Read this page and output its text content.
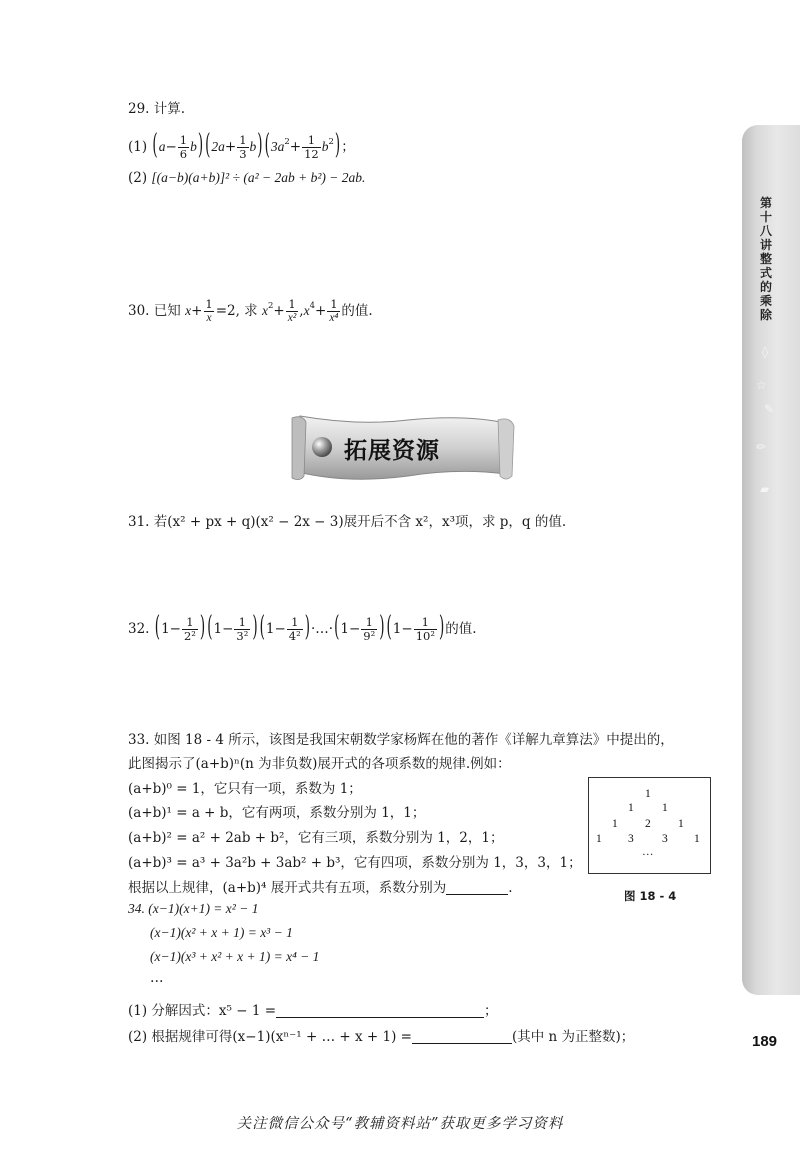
第十八讲 整式的乘除
◊
☆
✎
✏
▰
189
29. 计算.
(1) $(a- \frac{1}{6} b)$ $(2a+ \frac{1}{3} b)$ $(3a^2+ \frac{1}{12} b^2)$；
(2) [(a−b)(a+b)]² ÷ (a² − 2ab + b²) − 2ab.
30. 已知 $x+ \frac{1}{x} =2$, 求 $x^2+ \frac{1}{\text{x²}} ,x^4+ \frac{1}{\text{x⁴}}$ 的值.
拓展资源
31. 若(x² + px + q)(x² − 2x − 3)展开后不含 x²，x³项，求 p，q 的值.
32. ($1- \frac{1}{\text{2²}}$ ) ($1- \frac{1}{\text{3²}}$ ) ($1- \frac{1}{\text{4²}}$ )·…·(1− $\frac{1}{\text{9²}}$ ) ($1- \frac{1}{\text{10²}}$ )的值.
33. 如图 18 - 4 所示，该图是我国宋朝数学家杨辉在他的著作《详解九章算法》中提出的，
此图揭示了(a+b)ⁿ(n 为非负数)展开式的各项系数的规律.例如：
(a+b)⁰ = 1，它只有一项，系数为 1；
(a+b)¹ = a + b，它有两项，系数分别为 1，1；
(a+b)² = a² + 2ab + b²，它有三项，系数分别为 1，2，1；
(a+b)³ = a³ + 3a²b + 3ab² + b³，它有四项，系数分别为 1，3，3，1；
根据以上规律，(a+b)⁴ 展开式共有五项，系数分别为	.
1
1 1
1 2 1
1 3 3 1
…
图 18 - 4
34. (x−1)(x+1) = x² − 1
(x−1)(x² + x + 1) = x³ − 1
(x−1)(x³ + x² + x + 1) = x⁴ − 1
…
(1) 分解因式：x⁵ − 1 =	；
(2) 根据规律可得(x−1)(xⁿ⁻¹ + … + x + 1) =	(其中 n 为正整数)；
关注微信公众号“教辅资料站”获取更多学习资料
